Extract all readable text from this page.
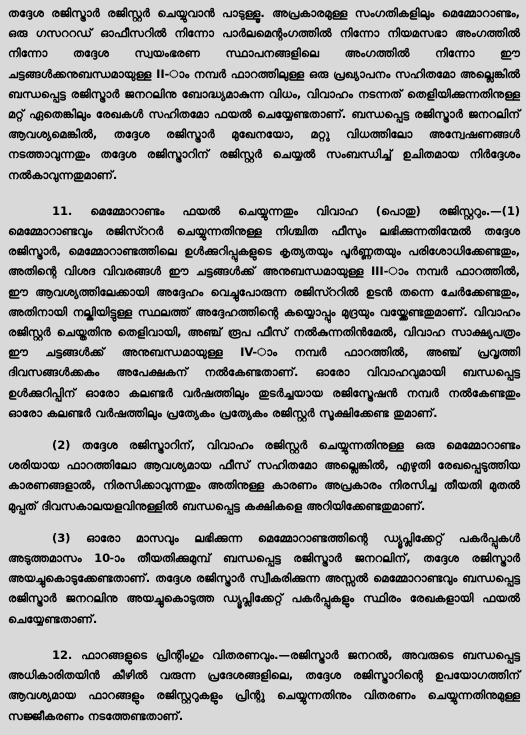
തദ്ദേശ രജിസ്ട്രാർ രജിസ്റ്റർ ചെയ്യുവാൻ പാടുള്ളൂ. അപ്രകാരമുള്ള സംഗതികളിലും മെമ്മോറാണ്ടം, ഒരു ഗസററഡ് ഓഫീസറിൽ നിന്നോ പാർലമെന്റംഗത്തിൽ നിന്നോ നിയമസഭാ അംഗത്തിൽ നിന്നോ തദ്ദേശ സ്വയംഭരണ സ്ഥാപനങ്ങളിലെ അംഗത്തിൽ നിന്നോ ഈ ചട്ടങ്ങൾക്കനുബന്ധമായുള്ള II-ാം നമ്പർ ഫാറത്തിലുള്ള ഒരു പ്രഖ്യാപനം സഹിതമോ അല്ലെങ്കിൽ ബന്ധപ്പെട്ട രജിസ്ട്രാർ ജനറലിനു ബോദ്ധ്യമാകുന്ന വിധം, വിവാഹം നടന്നത് തെളിയിക്കുന്നതിനുള്ള മറ്റ് ഏതെങ്കിലും രേഖകൾ സഹിതമോ ഫയൽ ചെയ്യേണ്ടതാണ്. ബന്ധപ്പെട്ട രജിസ്ട്രാർ ജനറലിന് ആവശ്യമെങ്കിൽ, തദ്ദേശ രജിസ്ട്രാർ മുഖേനയോ, മറ്റു വിധത്തിലോ അന്വേഷണങ്ങൾ നടത്താവുന്നതും തദ്ദേശ രജിസ്ട്രാറിന് രജിസ്റ്റർ ചെയ്യൽ സംബന്ധിച്ച് ഉചിതമായ നിർദ്ദേശം നൽകാവുന്നതുമാണ്.

11. മെമ്മോറാണ്ടം ഫയൽ ചെയ്യുന്നതും വിവാഹ (പൊതു) രജിസ്റ്ററും.—(1) മെമ്മോറാണ്ടവും രജിസ്ററർ ചെയ്യുന്നതിനുള്ള നിശ്ചിത ഫീസും ലഭിക്കുന്നതിന്മേൽ തദ്ദേശ രജിസ്ട്രാർ, മെമ്മോറാണ്ടത്തിലെ ഉൾക്കുറിപ്പുകളുടെ കൃത്യതയും പൂർണ്ണതയും പരിശോധിക്കേണ്ടതും, അതിന്റെ വിശദ വിവരങ്ങൾ ഈ ചട്ടങ്ങൾക്ക് അനുബന്ധമായുള്ള III-ാം നമ്പർ ഫാറത്തിൽ, ഈ ആവശ്യത്തിലേക്കായി അദ്ദേഹം വെച്ചുപോരുന്ന രജിസ്ററിൽ ഉടൻ തന്നെ ചേർക്കേണ്ടതും, അതിനായി നല്കിയിട്ടുള്ള സ്ഥലത്ത് അദ്ദേഹത്തിന്റെ കയ്യൊപ്പും മുദ്രയും വയ്ക്കേണ്ടതുമാണ്. വിവാഹം രജിസ്റ്റർ ചെയ്തതിനു തെളിവായി, അഞ്ച് രൂപ ഫീസ് നൽകുന്നതിൻമേൽ, വിവാഹ സാക്ഷ്യപത്രം ഈ ചട്ടങ്ങൾക്ക് അനുബന്ധമായുള്ള IV-ാം നമ്പർ ഫാറത്തിൽ, അഞ്ച് പ്രവൃത്തി ദിവസങ്ങൾക്കകം അപേക്ഷകന് നൽകേണ്ടതാണ്. ഓരോ വിവാഹവുമായി ബന്ധപ്പെട്ട ഉൾക്കുറിപ്പിന് ഓരോ കലണ്ടർ വർഷത്തിലും തുടർച്ചയായ രജിസ്ട്രേഷൻ നമ്പർ നൽകേണ്ടതും ഓരോ കലണ്ടർ വർഷത്തിലും പ്രത്യേകം പ്രത്യേകം രജിസ്റ്റർ സൂക്ഷിക്കേണ്ട തുമാണ്.

(2) തദ്ദേശ രജിസ്ട്രാറിന്, വിവാഹം രജിസ്റ്റർ ചെയ്യുന്നതിനുള്ള ഒരു മെമ്മോറാണ്ടം ശരിയായ ഫാറത്തിലോ ആവശ്യമായ ഫീസ് സഹിതമോ അല്ലെങ്കിൽ, എഴുതി രേഖപ്പെടുത്തിയ കാരണങ്ങളാൽ, നിരസിക്കാവുന്നതും അതിനുള്ള കാരണം അപ്രകാരം നിരസിച്ച തീയതി മുതൽ മുപ്പത് ദിവസകാലയളവിനുള്ളിൽ ബന്ധപ്പെട്ട കക്ഷികളെ അറിയിക്കേണ്ടതുമാണ്.

(3) ഓരോ മാസവും ലഭിക്കുന്ന മെമ്മോറാണ്ടത്തിന്റെ ഡ്യൂപ്ലിക്കേറ്റ് പകർപ്പുകൾ അടുത്തമാസം 10-ാം തീയതിക്കുമുമ്പ് ബന്ധപ്പെട്ട രജിസ്ട്രാർ ജനറലിന്, തദ്ദേശ രജിസ്ട്രാർ അയച്ചുകൊടുക്കേണ്ടതാണ്. തദ്ദേശ രജിസ്ട്രാർ സ്വീകരിക്കുന്ന അസ്സൽ മെമ്മോറാണ്ടവും ബന്ധപ്പെട്ട രജിസ്ട്രാർ ജനറലിനു അയച്ചുകൊടുത്ത ഡ്യൂപ്ലിക്കേറ്റ് പകർപ്പുകളും സ്ഥിരം രേഖകളായി ഫയൽ ചെയ്യേണ്ടതാണ്.

12. ഫാറങ്ങളുടെ പ്രിന്റിംഗും വിതരണവും.—രജിസ്ട്രാർ ജനറൽ, അവരുടെ ബന്ധപ്പെട്ട അധികാരിതയിൻ കീഴിൽ വരുന്ന പ്രദേശങ്ങളിലെ, തദ്ദേശ രജിസ്ട്രാറിന്റെ ഉപയോഗത്തിന് ആവശ്യമായ ഫാറങ്ങളും രജിസ്റ്ററുകളും പ്രിന്റു ചെയ്യുന്നതിനും വിതരണം ചെയ്യുന്നതിനുമുള്ള സജ്ജീകരണം നടത്തേണ്ടതാണ്.
